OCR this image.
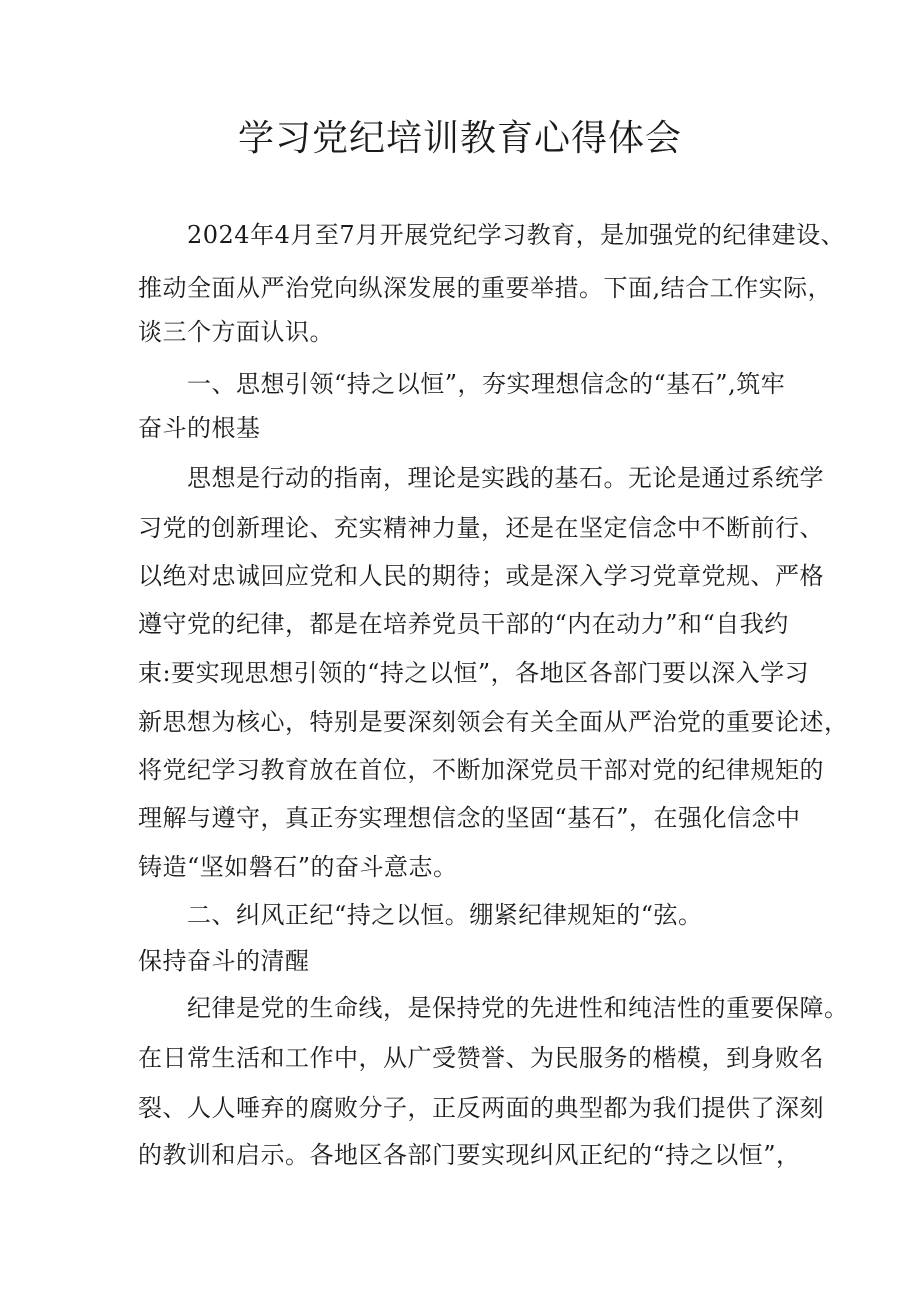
学习党纪培训教育心得体会

2024年4月至7月开展党纪学习教育，是加强党的纪律建设、

推动全面从严治党向纵深发展的重要举措。下面,结合工作实际，

谈三个方面认识。

一、思想引领“持之以恒”，夯实理想信念的“基石”,筑牢

奋斗的根基

思想是行动的指南，理论是实践的基石。无论是通过系统学

习党的创新理论、充实精神力量，还是在坚定信念中不断前行、

以绝对忠诚回应党和人民的期待；或是深入学习党章党规、严格

遵守党的纪律，都是在培养党员干部的“内在动力”和“自我约

束:要实现思想引领的“持之以恒”，各地区各部门要以深入学习

新思想为核心，特别是要深刻领会有关全面从严治党的重要论述，

将党纪学习教育放在首位，不断加深党员干部对党的纪律规矩的

理解与遵守，真正夯实理想信念的坚固“基石”，在强化信念中

铸造“坚如磐石”的奋斗意志。

二、纠风正纪“持之以恒。绷紧纪律规矩的“弦。

保持奋斗的清醒

纪律是党的生命线，是保持党的先进性和纯洁性的重要保障。

在日常生活和工作中，从广受赞誉、为民服务的楷模，到身败名

裂、人人唾弃的腐败分子，正反两面的典型都为我们提供了深刻

的教训和启示。各地区各部门要实现纠风正纪的“持之以恒”，
